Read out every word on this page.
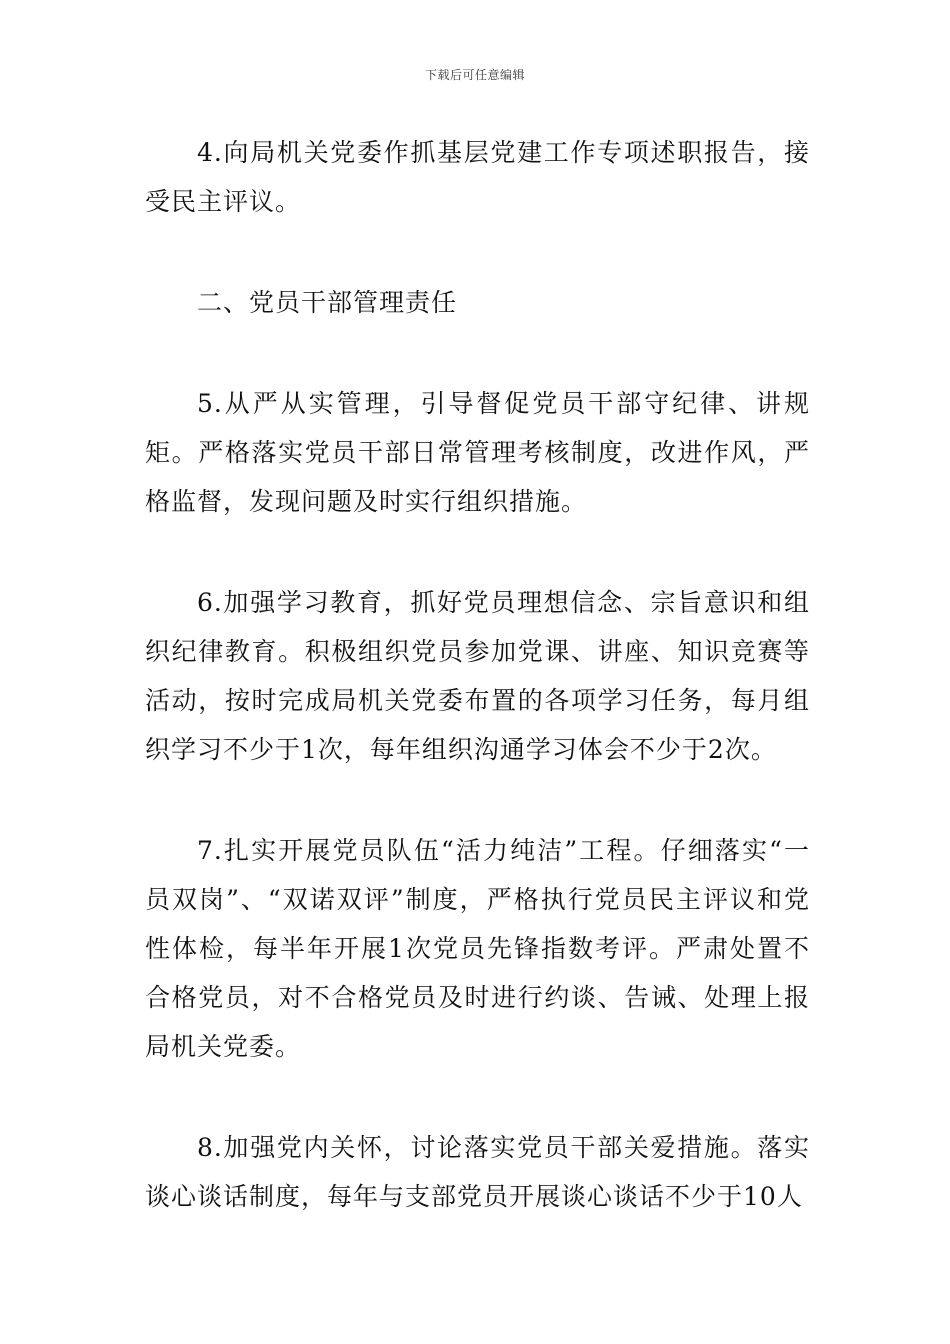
下载后可任意编辑

4.向局机关党委作抓基层党建工作专项述职报告，接受民主评议。

二、党员干部管理责任

5.从严从实管理，引导督促党员干部守纪律、讲规矩。严格落实党员干部日常管理考核制度，改进作风，严格监督，发现问题及时实行组织措施。

6.加强学习教育，抓好党员理想信念、宗旨意识和组织纪律教育。积极组织党员参加党课、讲座、知识竞赛等活动，按时完成局机关党委布置的各项学习任务，每月组织学习不少于1次，每年组织沟通学习体会不少于2次。

7.扎实开展党员队伍“活力纯洁”工程。仔细落实“一员双岗”、“双诺双评”制度，严格执行党员民主评议和党性体检，每半年开展1次党员先锋指数考评。严肃处置不合格党员，对不合格党员及时进行约谈、告诫、处理上报局机关党委。

8.加强党内关怀，讨论落实党员干部关爱措施。落实谈心谈话制度，每年与支部党员开展谈心谈话不少于10人
